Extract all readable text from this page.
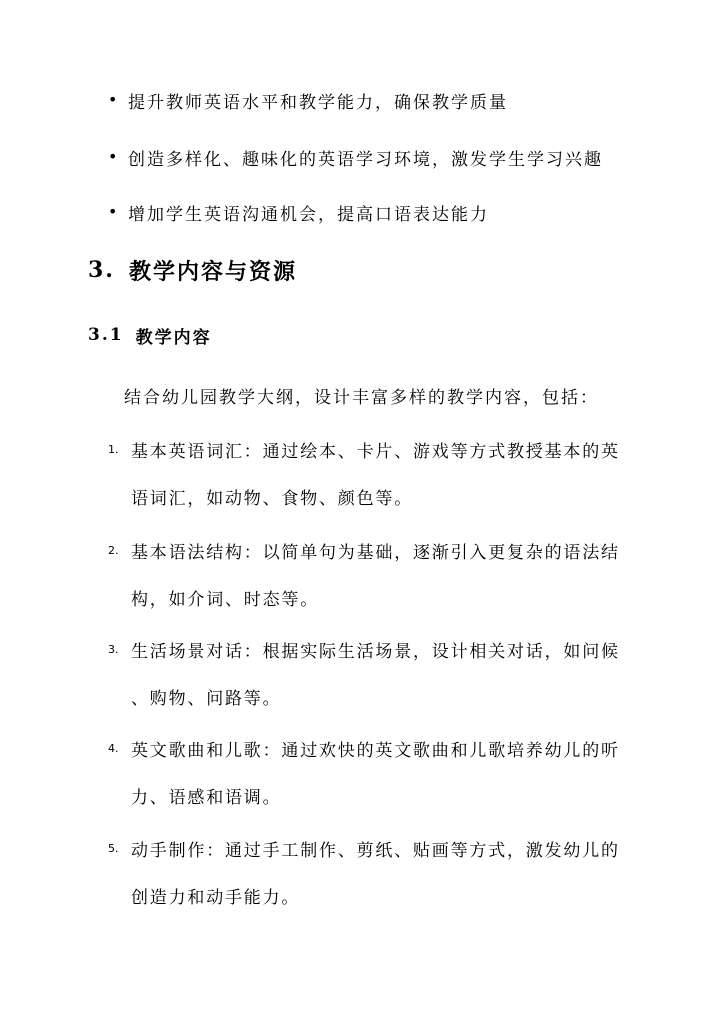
• 提升教师英语水平和教学能力，确保教学质量
• 创造多样化、趣味化的英语学习环境，激发学生学习兴趣
• 增加学生英语沟通机会，提高口语表达能力
3. 教学内容与资源
3.1 教学内容
结合幼儿园教学大纲，设计丰富多样的教学内容，包括：
1. 基本英语词汇：通过绘本、卡片、游戏等方式教授基本的英
语词汇，如动物、食物、颜色等。
2. 基本语法结构：以简单句为基础，逐渐引入更复杂的语法结
构，如介词、时态等。
3. 生活场景对话：根据实际生活场景，设计相关对话，如问候
、购物、问路等。
4. 英文歌曲和儿歌：通过欢快的英文歌曲和儿歌培养幼儿的听
力、语感和语调。
5. 动手制作：通过手工制作、剪纸、贴画等方式，激发幼儿的
创造力和动手能力。
